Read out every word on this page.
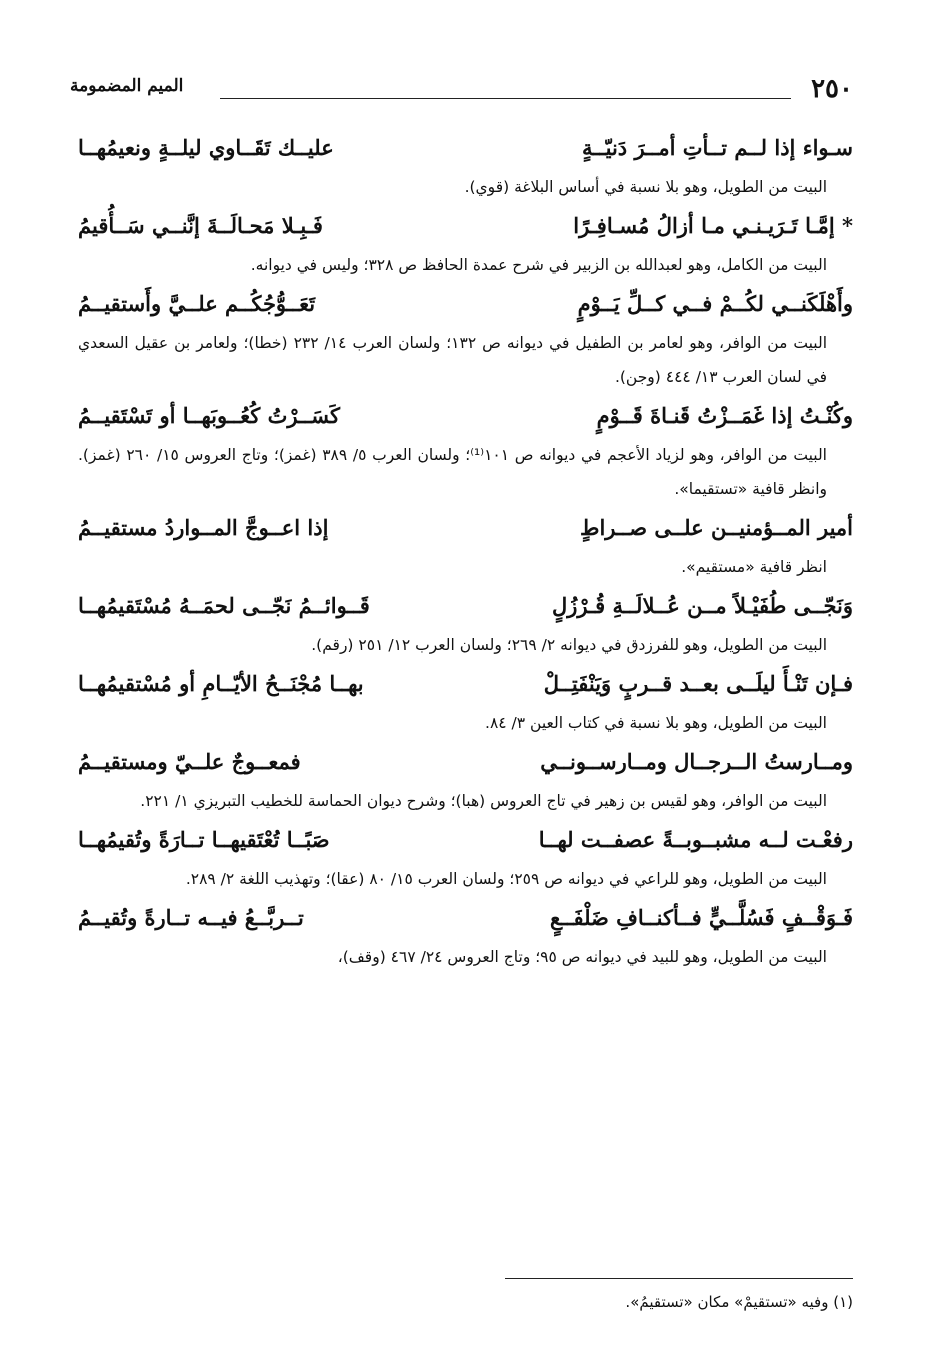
٢٥٠
الميم المضمومة
سـواء إذا لــم تــأتِ أمــرَ دَنيّــةٍ
عليــك تَقَــاوي ليلــةٍ ونعيمُهــا
البيت من الطويل، وهو بلا نسبة في أساس البلاغة (قوي).
* إمَّـا تَـرَيـنـي مـا أزالُ مُسـافِـرًا
فَـبِـلا مَحـالَــةَ إنَّنــي سَــأُقيمُ
البيت من الكامل، وهو لعبدالله بن الزبير في شرح عمدة الحافظ ص ٣٢٨؛ وليس في ديوانه.
وأَهْلَكَنــي لكُــمْ فــي كــلِّ يَــوْمٍ
تَعَــوُّجُكُــم علــيَّ وأَستقيــمُ
البيت من الوافر، وهو لعامر بن الطفيل في ديوانه ص ١٣٢؛ ولسان العرب ١٤/ ٢٣٢ (خطا)؛ ولعامر بن عقيل السعدي في لسان العرب ١٣/ ٤٤٤ (وجن).
وكُنْـتُ إذا غَمَــزْتُ قَنـاةَ قَــوْمٍ
كَسَــرْتُ كُعُــوبَهــا أو تَسْتَقيــمُ
البيت من الوافر، وهو لزياد الأعجم في ديوانه ص ١٠١⁽¹⁾؛ ولسان العرب ٥/ ٣٨٩ (غمز)؛ وتاج العروس ١٥/ ٢٦٠ (غمز). وانظر قافية «تستقيما».
أمير المــؤمنيــن علــى صــراطٍ
إذا اعــوجَّ المــواردُ مستقيــمُ
انظر قافية «مستقيم».
وَنَجّــى طُفَيْـلاً مــن عُــلالَــةِ قُـرْزُلٍ
قَــوائــمُ نَجّــى لحمَــهُ مُسْتَقيمُهــا
البيت من الطويل، وهو للفرزدق في ديوانه ٢/ ٢٦٩؛ ولسان العرب ١٢/ ٢٥١ (رقم).
فـإن تَنْـأَ ليلَــى بعــد قــربٍ وَيَنْفَتِــلْ
بهــا مُجْنَــحُ الأيّــامِ أو مُسْتقيمُهــا
البيت من الطويل، وهو بلا نسبة في كتاب العين ٣/ ٨٤.
ومــارستُ الــرجــال ومــارســونــي
فمعــوجٌ علــيّ ومستقيــمُ
البيت من الوافر، وهو لقيس بن زهير في تاج العروس (هبا)؛ وشرح ديوان الحماسة للخطيب التبريزي ١/ ٢٢١.
رفعْـت لــه مشبــوبــةً عصفــت لهــا
صَبًــا تُعْتَقيهــا تــارَةً وتُقيمُهــا
البيت من الطويل، وهو للراعي في ديوانه ص ٢٥٩؛ ولسان العرب ١٥/ ٨٠ (عقا)؛ وتهذيب اللغة ٢/ ٢٨٩.
فَـوَقْــفٍ فَسُلَّــيٍّ فــأكنــافِ ضَلْفَــعٍ
تــربَّــعُ فيــه تــارةً وتُقيــمُ
البيت من الطويل، وهو للبيد في ديوانه ص ٩٥؛ وتاج العروس ٢٤/ ٤٦٧ (وقف)،
(١) وفيه «تستقيمْ» مكان «تستقيمُ».
